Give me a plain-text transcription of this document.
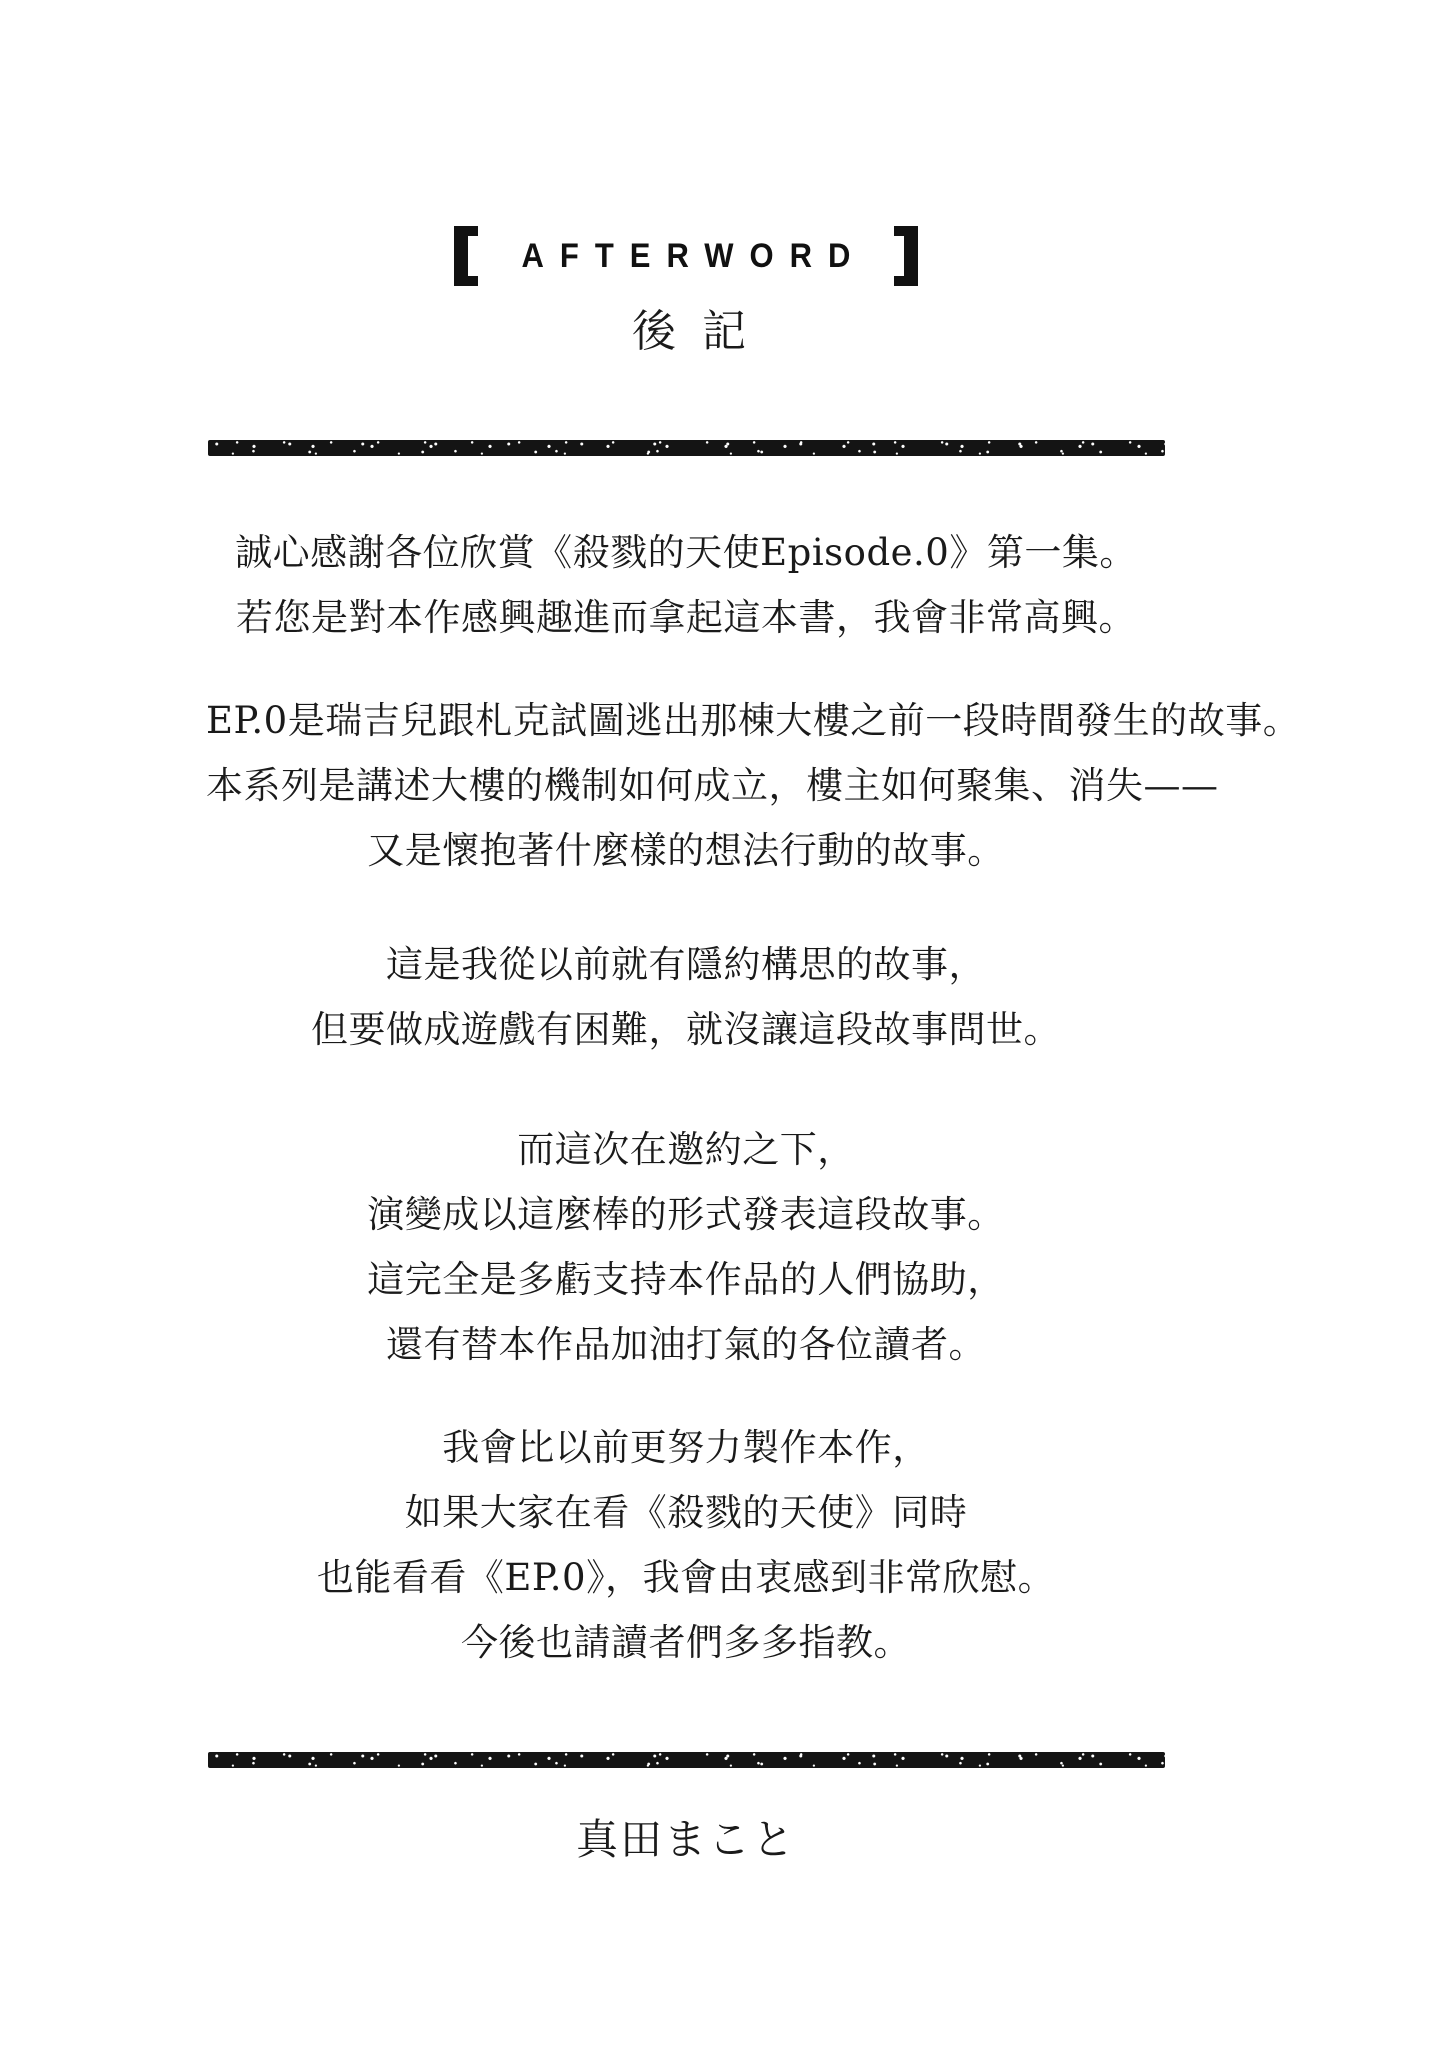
AFTERWORD
後 記
誠心感謝各位欣賞《殺戮的天使Episode.0》第一集。
若您是對本作感興趣進而拿起這本書，我會非常高興。
EP.0是瑞吉兒跟札克試圖逃出那棟大樓之前一段時間發生的故事。
本系列是講述大樓的機制如何成立，樓主如何聚集、消失——
又是懷抱著什麼樣的想法行動的故事。
這是我從以前就有隱約構思的故事，
但要做成遊戲有困難，就沒讓這段故事問世。
而這次在邀約之下，
演變成以這麼棒的形式發表這段故事。
這完全是多虧支持本作品的人們協助，
還有替本作品加油打氣的各位讀者。
我會比以前更努力製作本作，
如果大家在看《殺戮的天使》同時
也能看看《EP.0》，我會由衷感到非常欣慰。
今後也請讀者們多多指教。
真田まこと
